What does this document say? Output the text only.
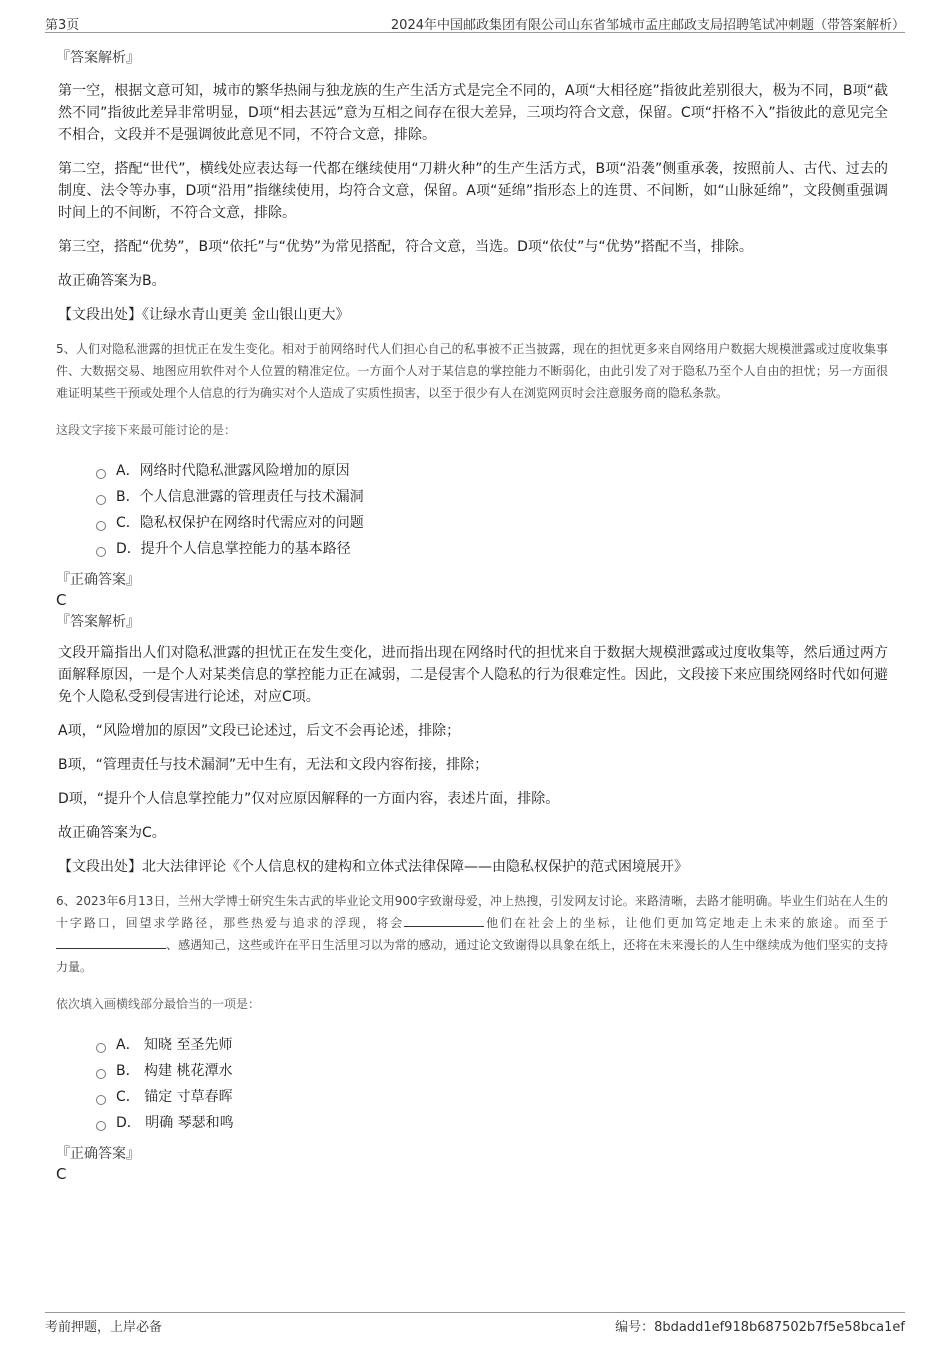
第3页	2024年中国邮政集团有限公司山东省邹城市孟庄邮政支局招聘笔试冲刺题（带答案解析）
『答案解析』

第一空，根据文意可知，城市的繁华热闹与独龙族的生产生活方式是完全不同的，A项“大相径庭”指彼此差别很大，极为不同，B项“截然不同”指彼此差异非常明显，D项“相去甚远”意为互相之间存在很大差异，三项均符合文意，保留。C项“扞格不入”指彼此的意见完全不相合，文段并不是强调彼此意见不同，不符合文意，排除。

第二空，搭配“世代”，横线处应表达每一代都在继续使用“刀耕火种”的生产生活方式，B项“沿袭”侧重承袭，按照前人、古代、过去的制度、法令等办事，D项“沿用”指继续使用，均符合文意，保留。A项“延绵”指形态上的连贯、不间断，如“山脉延绵”，文段侧重强调时间上的不间断，不符合文意，排除。

第三空，搭配“优势”，B项“依托”与“优势”为常见搭配，符合文意，当选。D项“依仗”与“优势”搭配不当，排除。

故正确答案为B。

【文段出处】《让绿水青山更美 金山银山更大》

5、人们对隐私泄露的担忧正在发生变化。相对于前网络时代人们担心自己的私事被不正当披露，现在的担忧更多来自网络用户数据大规模泄露或过度收集事件、大数据交易、地图应用软件对个人位置的精准定位。一方面个人对于某信息的掌控能力不断弱化，由此引发了对于隐私乃至个人自由的担忧；另一方面很难证明某些干预或处理个人信息的行为确实对个人造成了实质性损害，以至于很少有人在浏览网页时会注意服务商的隐私条款。

这段文字接下来最可能讨论的是：
A．网络时代隐私泄露风险增加的原因
B．个人信息泄露的管理责任与技术漏洞
C．隐私权保护在网络时代需应对的问题
D．提升个人信息掌控能力的基本路径
『正确答案』
C
『答案解析』

文段开篇指出人们对隐私泄露的担忧正在发生变化，进而指出现在网络时代的担忧来自于数据大规模泄露或过度收集等，然后通过两方面解释原因，一是个人对某类信息的掌控能力正在减弱，二是侵害个人隐私的行为很难定性。因此，文段接下来应围绕网络时代如何避免个人隐私受到侵害进行论述，对应C项。

A项，“风险增加的原因”文段已论述过，后文不会再论述，排除；

B项，“管理责任与技术漏洞”无中生有，无法和文段内容衔接，排除；

D项，“提升个人信息掌控能力”仅对应原因解释的一方面内容，表述片面，排除。

故正确答案为C。

【文段出处】北大法律评论《个人信息权的建构和立体式法律保障——由隐私权保护的范式困境展开》

6、2023年6月13日，兰州大学博士研究生朱古武的毕业论文用900字致谢母爱，冲上热搜，引发网友讨论。来路清晰，去路才能明确。毕业生们站在人生的十字路口，回望求学路径，那些热爱与追求的浮现，将会	他们在社会上的坐标，让他们更加笃定地走上未来的旅途。而至于、感遇知己，这些或许在平日生活里习以为常的感动，通过论文致谢得以具象在纸上，还将在未来漫长的人生中继续成为他们坚实的支持力量。

依次填入画横线部分最恰当的一项是：
A． 知晓 至圣先师
B． 构建 桃花潭水
C． 锚定 寸草春晖
D． 明确 琴瑟和鸣
『正确答案』
C
考前押题，上岸必备	编号：8bdadd1ef918b687502b7f5e58bca1ef
